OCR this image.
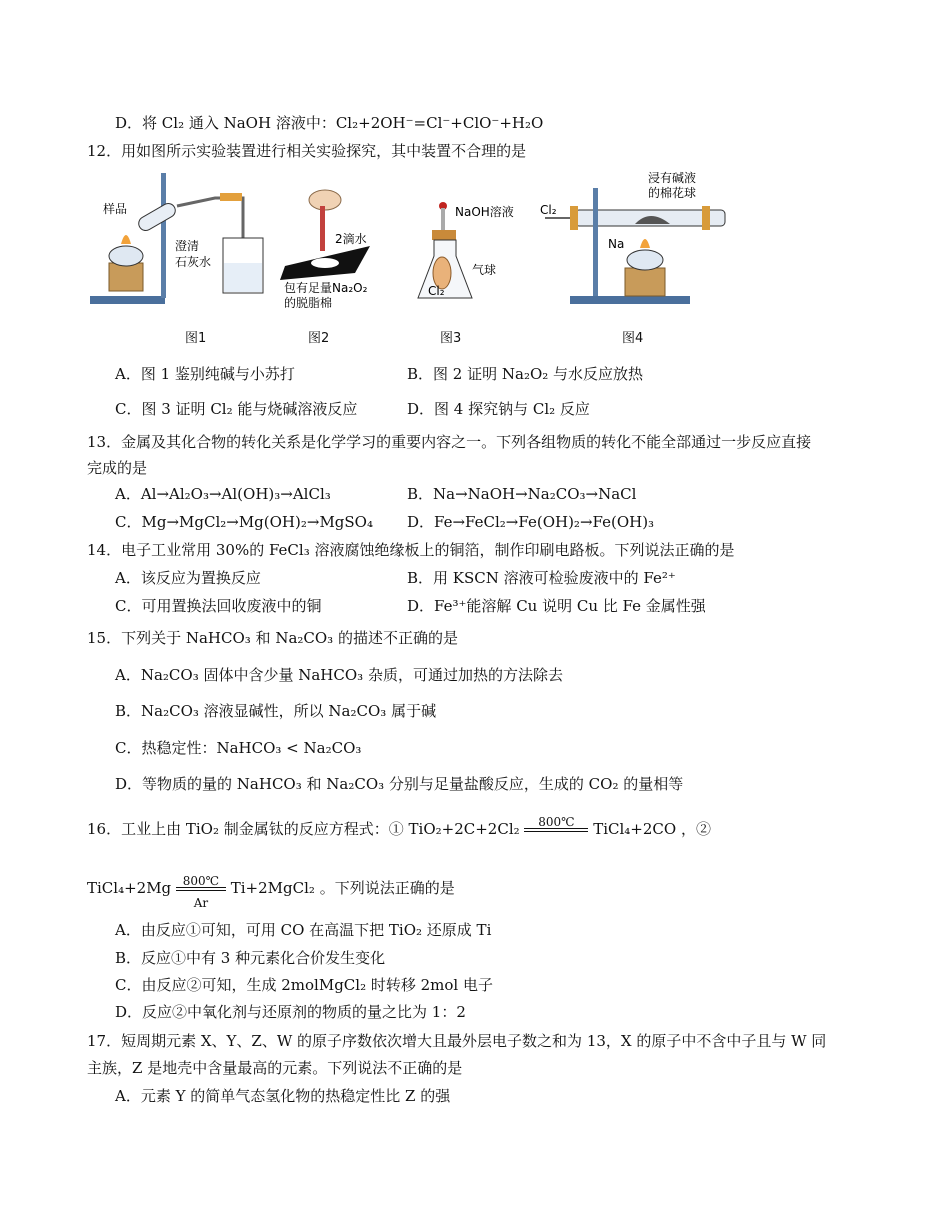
D．将 Cl₂ 通入 NaOH 溶液中：Cl₂+2OH⁻=Cl⁻+ClO⁻+H₂O
12．用如图所示实验装置进行相关实验探究，其中装置不合理的是
样品
澄清
石灰水
图1
2滴水
包有足量Na₂O₂
的脱脂棉
图2
NaOH溶液
气球
Cl₂
图3
Cl₂
Na
浸有碱液
的棉花球
图4
A．图 1 鉴别纯碱与小苏打	B．图 2 证明 Na₂O₂ 与水反应放热
C．图 3 证明 Cl₂ 能与烧碱溶液反应	D．图 4 探究钠与 Cl₂ 反应
13．金属及其化合物的转化关系是化学学习的重要内容之一。下列各组物质的转化不能全部通过一步反应直接
完成的是
A．Al→Al₂O₃→Al(OH)₃→AlCl₃	B．Na→NaOH→Na₂CO₃→NaCl
C．Mg→MgCl₂→Mg(OH)₂→MgSO₄ D．Fe→FeCl₂→Fe(OH)₂→Fe(OH)₃
14．电子工业常用 30%的 FeCl₃ 溶液腐蚀绝缘板上的铜箔，制作印刷电路板。下列说法正确的是
A．该反应为置换反应	B．用 KSCN 溶液可检验废液中的 Fe²⁺
C．可用置换法回收废液中的铜	D．Fe³⁺能溶解 Cu 说明 Cu 比 Fe 金属性强
15．下列关于 NaHCO₃ 和 Na₂CO₃ 的描述不正确的是
A．Na₂CO₃ 固体中含少量 NaHCO₃ 杂质，可通过加热的方法除去
B．Na₂CO₃ 溶液显碱性，所以 Na₂CO₃ 属于碱
C．热稳定性：NaHCO₃ < Na₂CO₃
D．等物质的量的 NaHCO₃ 和 Na₂CO₃ 分别与足量盐酸反应，生成的 CO₂ 的量相等
16．工业上由 TiO₂ 制金属钛的反应方程式：① TiO₂+2C+2Cl₂	800℃	TiCl₄+2CO ，②
TiCl₄+2Mg $\frac{800℃}{Ar}$ Ti+2MgCl₂ 。下列说法正确的是
A．由反应①可知，可用 CO 在高温下把 TiO₂ 还原成 Ti
B．反应①中有 3 种元素化合价发生变化
C．由反应②可知，生成 2molMgCl₂ 时转移 2mol 电子
D．反应②中氧化剂与还原剂的物质的量之比为 1：2
17．短周期元素 X、Y、Z、W 的原子序数依次增大且最外层电子数之和为 13，X 的原子中不含中子且与 W 同
主族，Z 是地壳中含量最高的元素。下列说法不正确的是
A．元素 Y 的简单气态氢化物的热稳定性比 Z 的强
